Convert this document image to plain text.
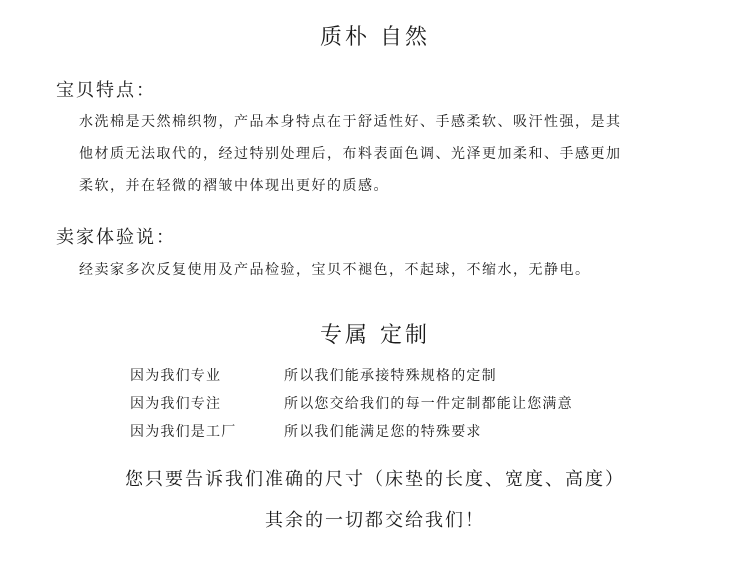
质朴 自然
宝贝特点：
水洗棉是天然棉织物，产品本身特点在于舒适性好、手感柔软、吸汗性强，是其
他材质无法取代的，经过特别处理后，布料表面色调、光泽更加柔和、手感更加
柔软，并在轻微的褶皱中体现出更好的质感。
卖家体验说：
经卖家多次反复使用及产品检验，宝贝不褪色，不起球，不缩水，无静电。
专属 定制
因为我们专业	所以我们能承接特殊规格的定制
因为我们专注	所以您交给我们的每一件定制都能让您满意
因为我们是工厂	所以我们能满足您的特殊要求
您只要告诉我们准确的尺寸（床垫的长度、宽度、高度）
其余的一切都交给我们！
